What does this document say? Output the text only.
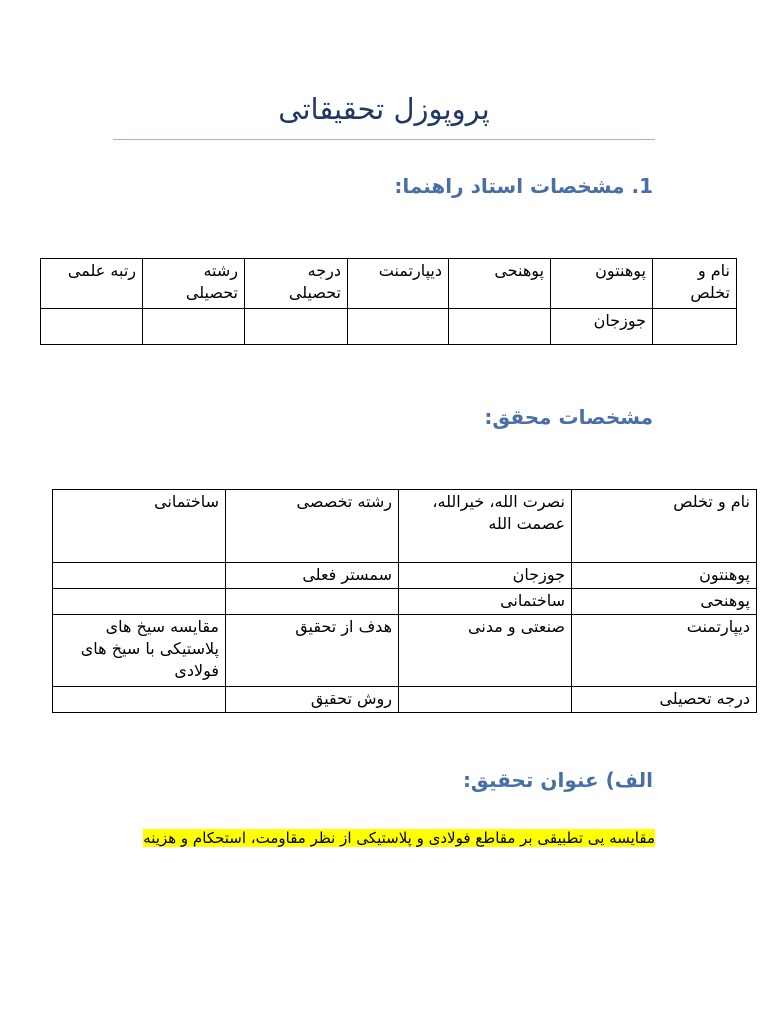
پروپوزل تحقیقاتی
1. مشخصات استاد راهنما:
نام و تخلص	پوهنتون	پوهنحی	دیپارتمنت	درجه تحصیلی	رشته تحصیلی	رتبه علمی
	جوزجان					
مشخصات محقق:
نام و تخلص	نصرت الله، خیرالله، عصمت الله	رشته تخصصی	ساختمانی
پوهنتون	جوزجان	سمستر فعلی	
پوهنحی	ساختمانی		
دیپارتمنت	صنعتی و مدنی	هدف از تحقیق	مقایسه سیخ های پلاستیکی با سیخ های فولادی
درجه تحصیلی		روش تحقیق	
الف) عنوان تحقیق:
مقایسه یی تطبیقی بر مقاطع فولادی و پلاستیکی از نظر مقاومت، استحکام و هزینه
